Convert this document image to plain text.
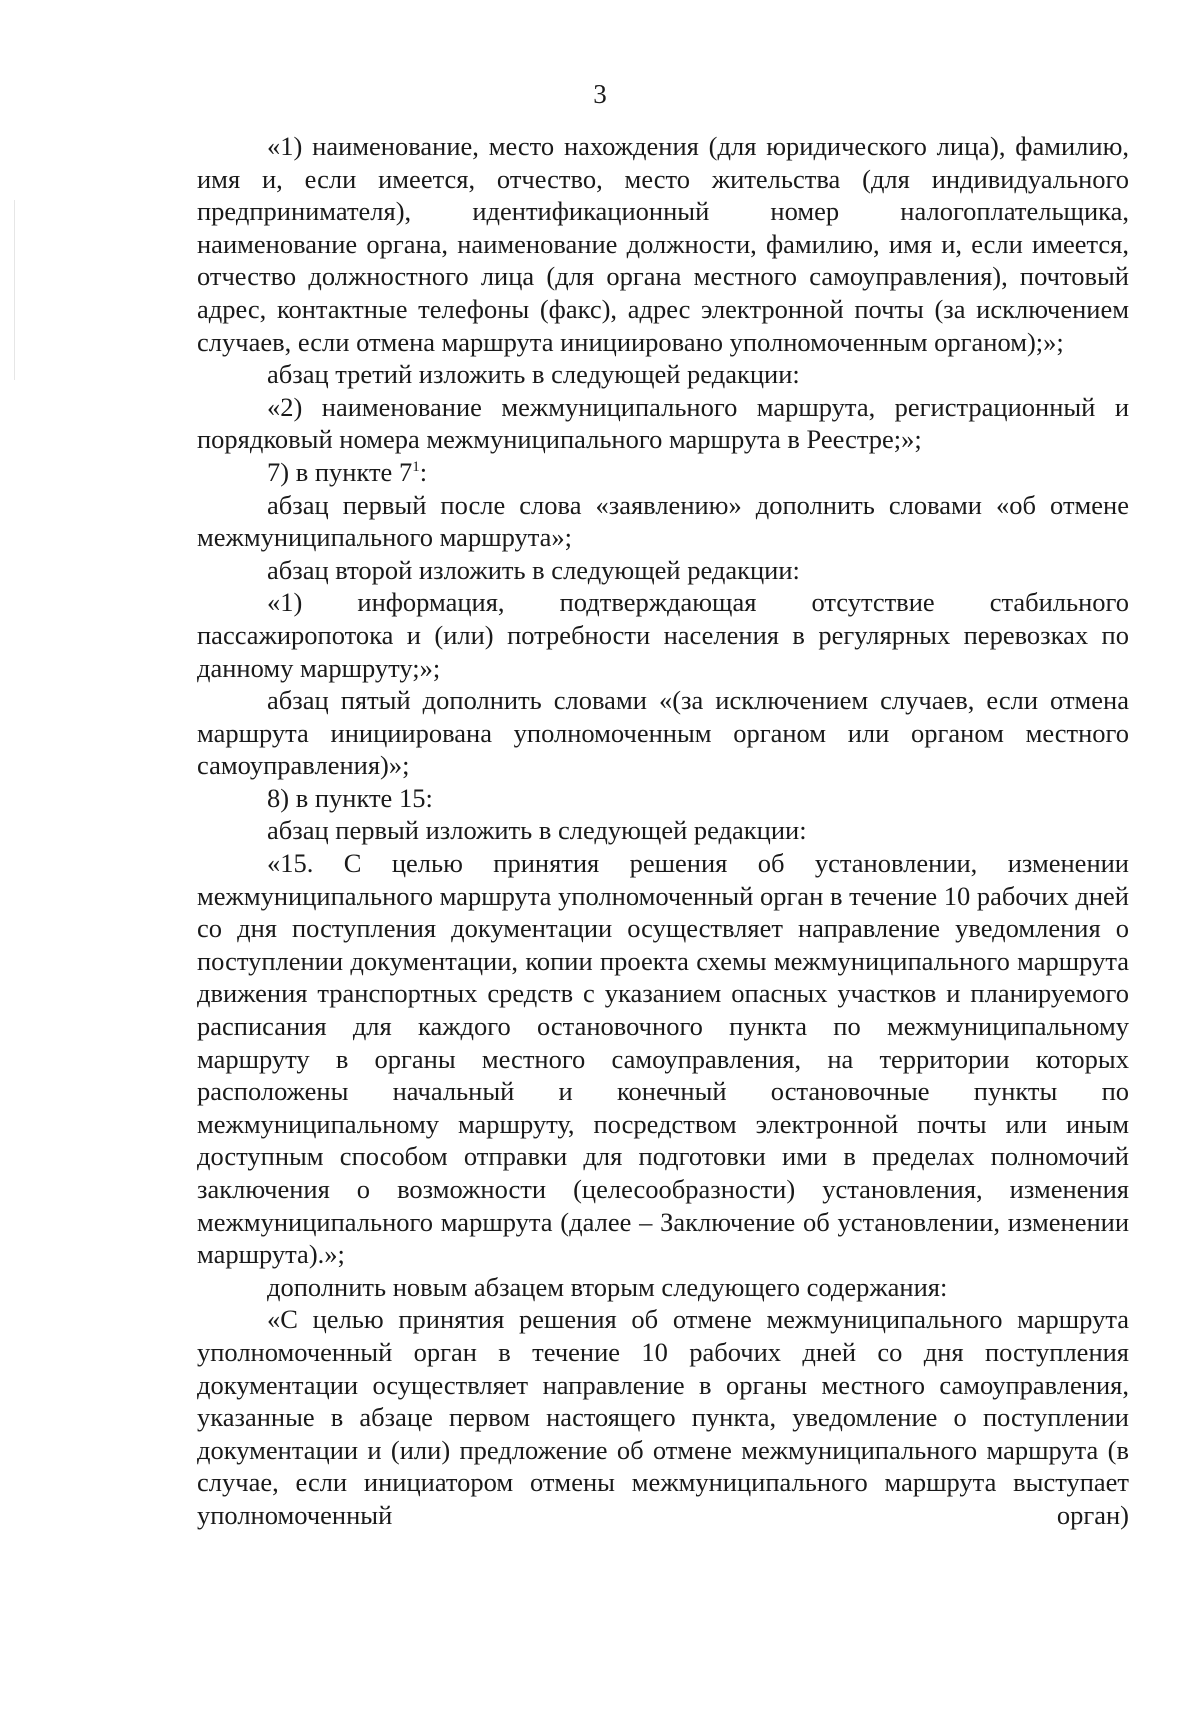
3

«1) наименование, место нахождения (для юридического лица), фамилию, имя и, если имеется, отчество, место жительства (для индивидуального предпринимателя), идентификационный номер налогоплательщика, наименование органа, наименование должности, фамилию, имя и, если имеется, отчество должностного лица (для органа местного самоуправления), почтовый адрес, контактные телефоны (факс), адрес электронной почты (за исключением случаев, если отмена маршрута инициировано уполномоченным органом);»;

абзац третий изложить в следующей редакции:

«2) наименование межмуниципального маршрута, регистрационный и порядковый номера межмуниципального маршрута в Реестре;»;

7) в пункте $7^1$:

абзац первый после слова «заявлению» дополнить словами «об отмене межмуниципального маршрута»;

абзац второй изложить в следующей редакции:

«1) информация, подтверждающая отсутствие стабильного пассажиропотока и (или) потребности населения в регулярных перевозках по данному маршруту;»;

абзац пятый дополнить словами «(за исключением случаев, если отмена маршрута инициирована уполномоченным органом или органом местного самоуправления)»;

8) в пункте 15:

абзац первый изложить в следующей редакции:

«15. С целью принятия решения об установлении, изменении межмуниципального маршрута уполномоченный орган в течение 10 рабочих дней со дня поступления документации осуществляет направление уведомления о поступлении документации, копии проекта схемы межмуниципального маршрута движения транспортных средств с указанием опасных участков и планируемого расписания для каждого остановочного пункта по межмуниципальному маршруту в органы местного самоуправления, на территории которых расположены начальный и конечный остановочные пункты по межмуниципальному маршруту, посредством электронной почты или иным доступным способом отправки для подготовки ими в пределах полномочий заключения о возможности (целесообразности) установления, изменения межмуниципального маршрута (далее – Заключение об установлении, изменении маршрута).»;

дополнить новым абзацем вторым следующего содержания:

«С целью принятия решения об отмене межмуниципального маршрута уполномоченный орган в течение 10 рабочих дней со дня поступления документации осуществляет направление в органы местного самоуправления, указанные в абзаце первом настоящего пункта, уведомление о поступлении документации и (или) предложение об отмене межмуниципального маршрута (в случае, если инициатором отмены межмуниципального маршрута выступает уполномоченный орган)
